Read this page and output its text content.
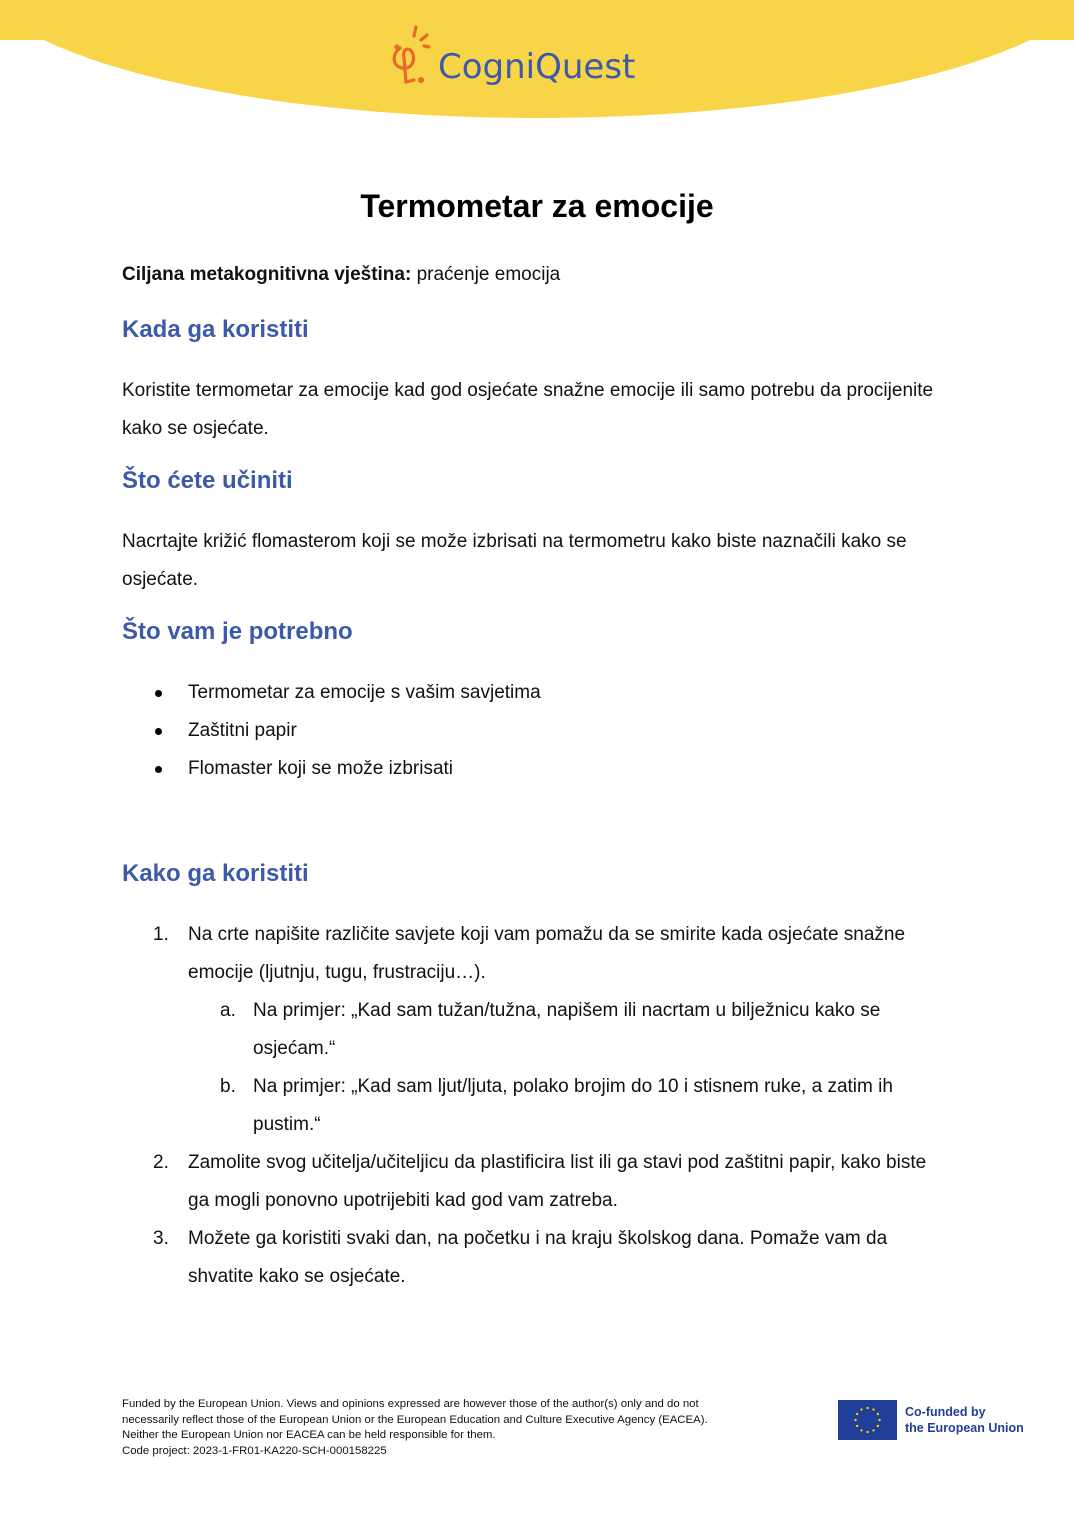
CogniQuest
Termometar za emocije

Ciljana metakognitivna vještina: praćenje emocija

Kada ga koristiti

Koristite termometar za emocije kad god osjećate snažne emocije ili samo potrebu da procijenite kako se osjećate.

Što ćete učiniti

Nacrtajte križić flomasterom koji se može izbrisati na termometru kako biste naznačili kako se osjećate.

Što vam je potrebno
Termometar za emocije s vašim savjetima
Zaštitni papir
Flomaster koji se može izbrisati
Kako ga koristiti
1. Na crte napišite različite savjete koji vam pomažu da se smirite kada osjećate snažne emocije (ljutnju, tugu, frustraciju…).
a. Na primjer: „Kad sam tužan/tužna, napišem ili nacrtam u bilježnicu kako se osjećam.“
b. Na primjer: „Kad sam ljut/ljuta, polako brojim do 10 i stisnem ruke, a zatim ih pustim.“
2. Zamolite svog učitelja/učiteljicu da plastificira list ili ga stavi pod zaštitni papir, kako biste ga mogli ponovno upotrijebiti kad god vam zatreba.
3. Možete ga koristiti svaki dan, na početku i na kraju školskog dana. Pomaže vam da shvatite kako se osjećate.
Funded by the European Union. Views and opinions expressed are however those of the author(s) only and do not
necessarily reflect those of the European Union or the European Education and Culture Executive Agency (EACEA).
Neither the European Union nor EACEA can be held responsible for them.
Code project: 2023-1-FR01-KA220-SCH-000158225
Co-funded by
the European Union
